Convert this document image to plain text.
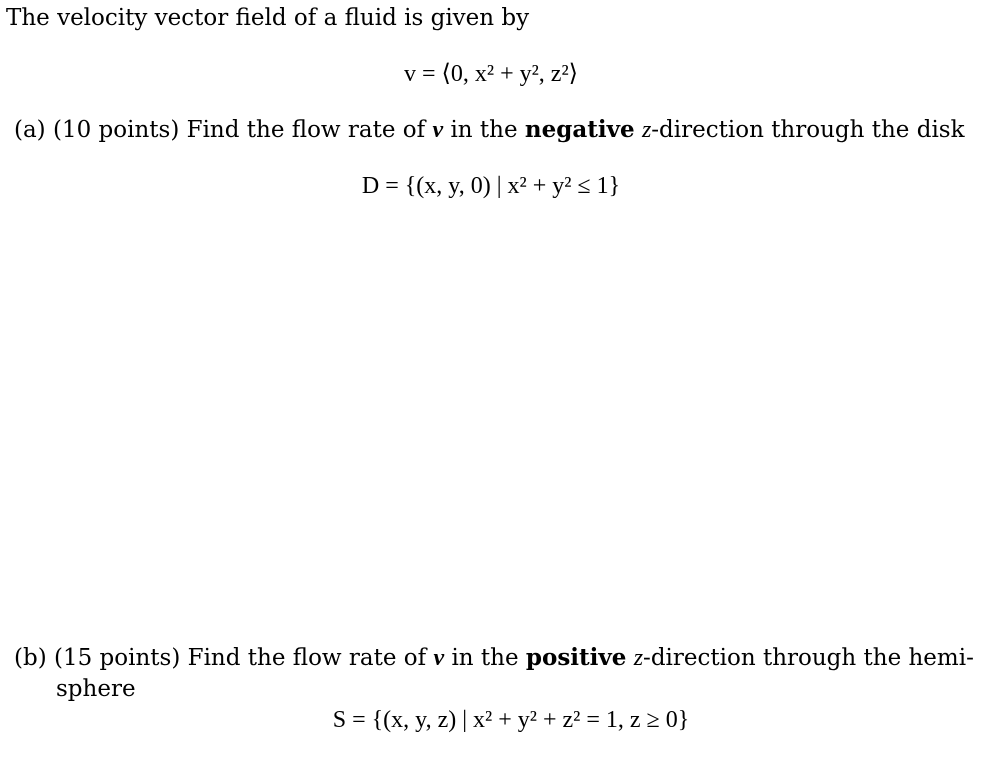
The velocity vector field of a fluid is given by
v = ⟨0, x² + y², z²⟩
(a) (10 points) Find the flow rate of v in the negative z-direction through the disk
D = {(x, y, 0) | x² + y² ≤ 1}
(b) (15 points) Find the flow rate of v in the positive z-direction through the hemi-
sphere
S = {(x, y, z) | x² + y² + z² = 1, z ≥ 0}
